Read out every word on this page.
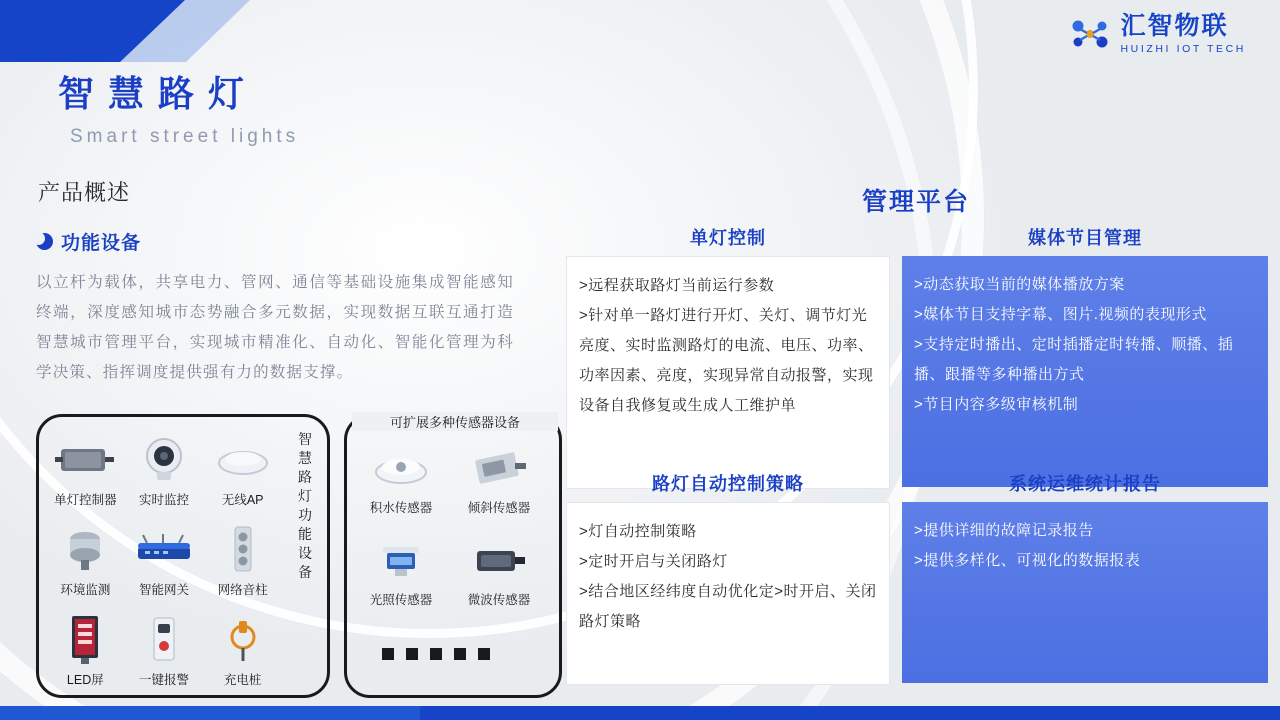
汇智物联
HUIZHI IOT TECH
智慧路灯
Smart street lights
产品概述
功能设备
以立杆为载体，共享电力、管网、通信等基础设施集成智能感知终端，深度感知城市态势融合多元数据，实现数据互联互通打造智慧城市管理平台，实现城市精准化、自动化、智能化管理为科学决策、指挥调度提供强有力的数据支撑。
单灯控制器 实时监控	无线AP
环境监测 智能网关 网络音柱
LED屏	一键报警	充电桩
智慧路灯功能设备
可扩展多种传感器设备
积水传感器	倾斜传感器
光照传感器	微波传感器
管理平台
单灯控制
>远程获取路灯当前运行参数
>针对单一路灯进行开灯、关灯、调节灯光亮度、实时监测路灯的电流、电压、功率、功率因素、亮度，实现异常自动报警，实现设备自我修复或生成人工维护单
媒体节目管理
>动态获取当前的媒体播放方案
>媒体节目支持字幕、图片.视频的表现形式
>支持定时播出、定时插播定时转播、顺播、插播、跟播等多种播出方式
>节目内容多级审核机制
路灯自动控制策略
>灯自动控制策略
>定时开启与关闭路灯
>结合地区经纬度自动优化定>时开启、关闭路灯策略
系统运维统计报告
>提供详细的故障记录报告
>提供多样化、可视化的数据报表
